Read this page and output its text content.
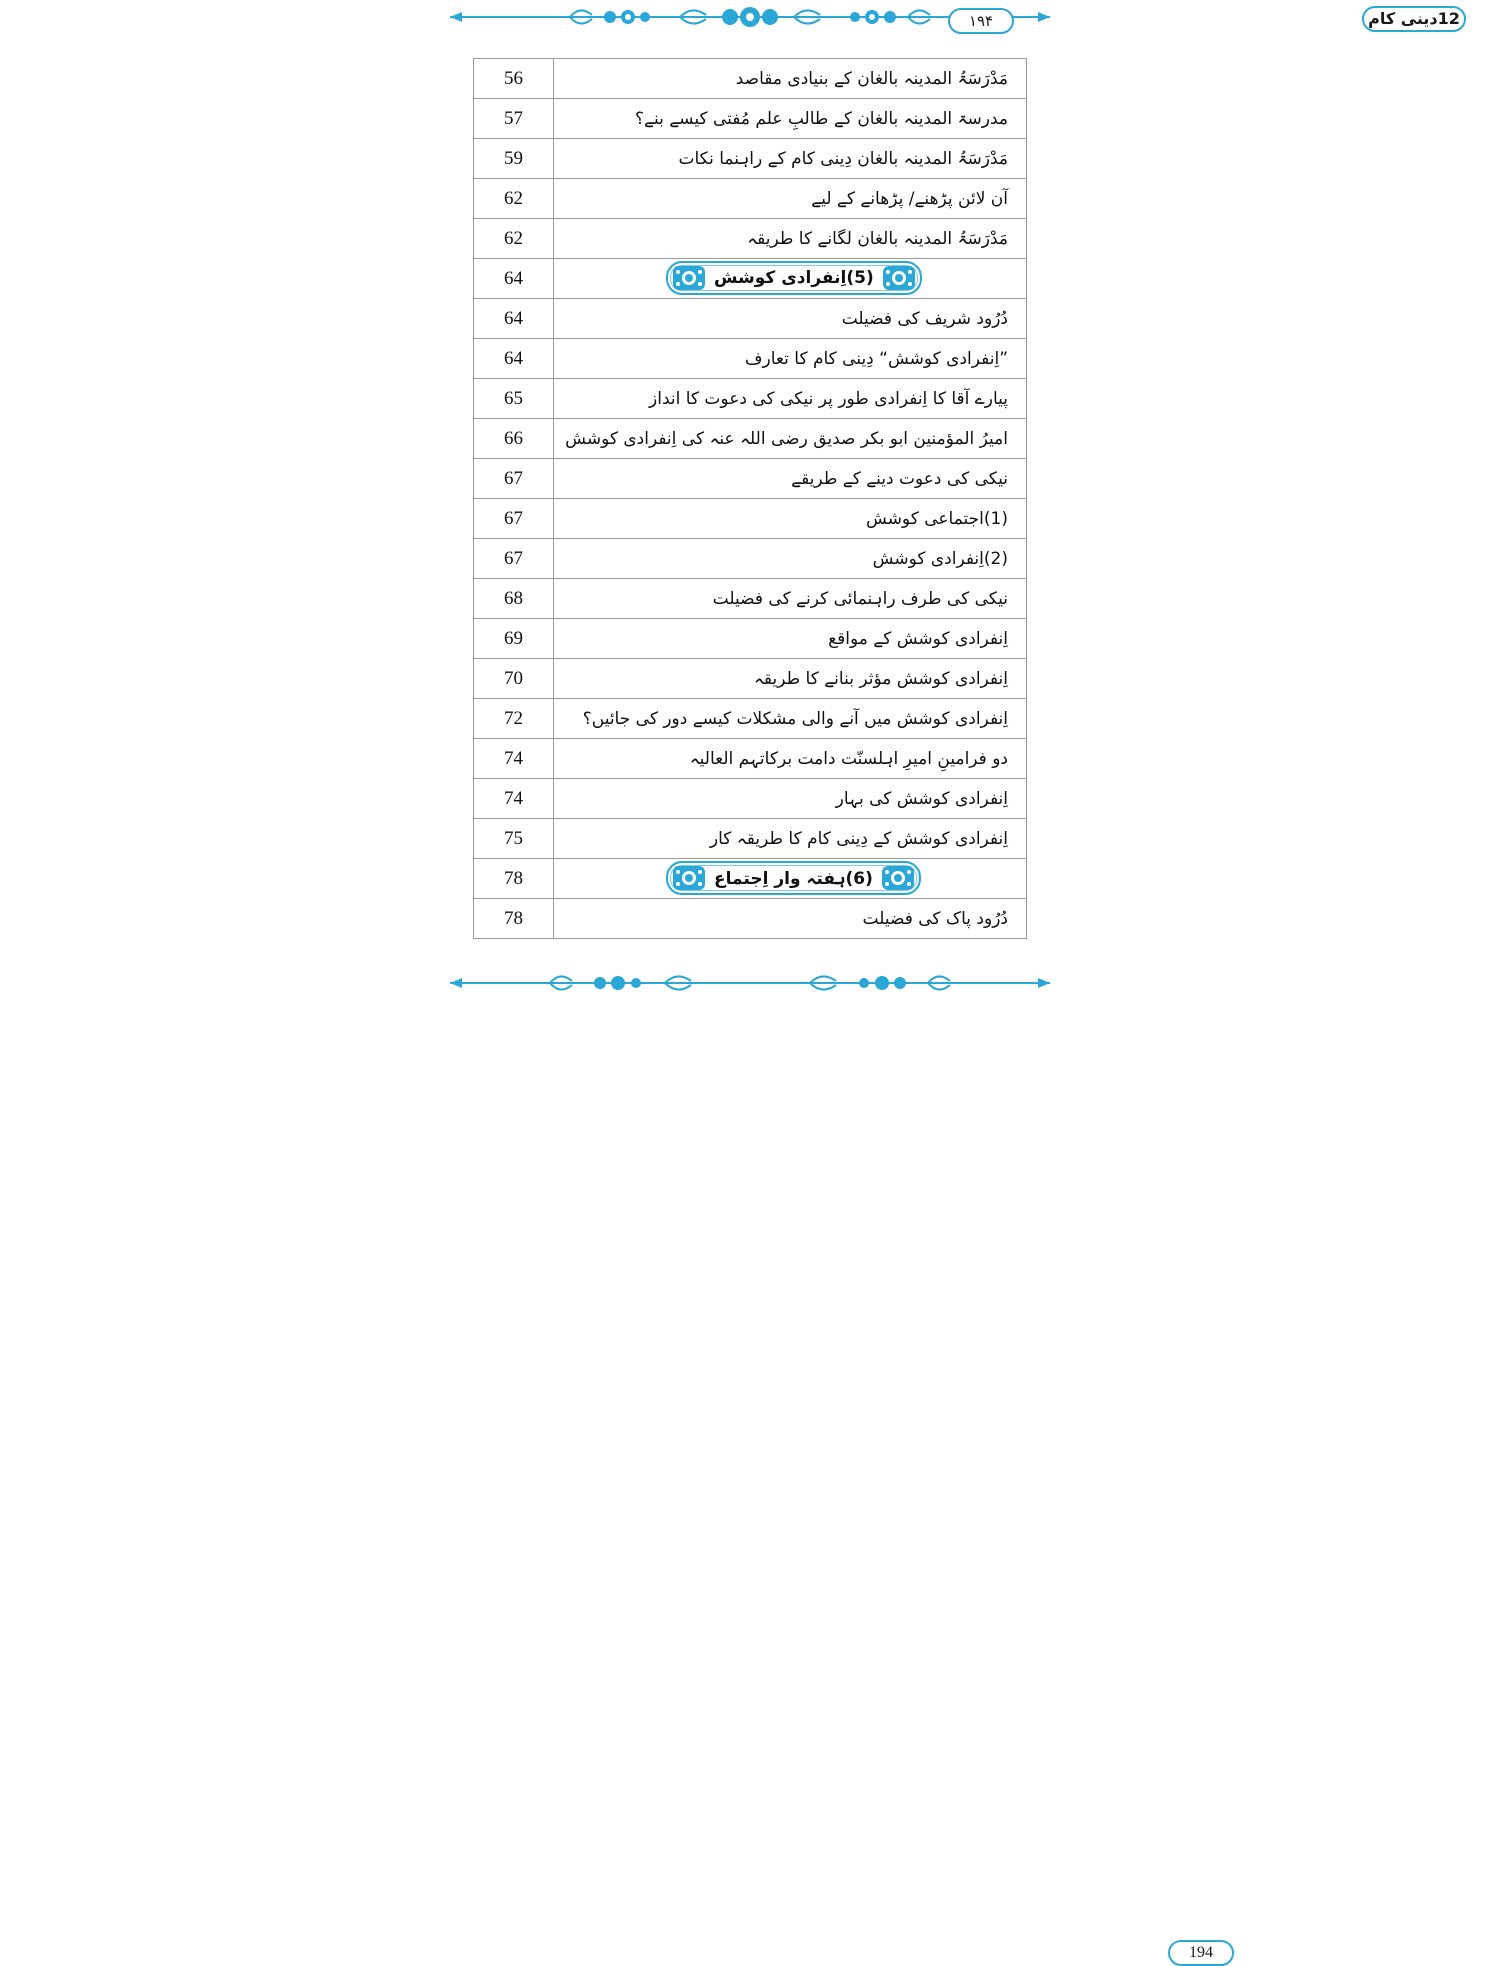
۱۹۴	12دینی کام
56	مَدْرَسَۃُ المدینہ بالغان کے بنیادی مقاصد
57	مدرسۃ المدینہ بالغان کے طالبِ علم مُفتی کیسے بنے؟
59	مَدْرَسَۃُ المدینہ بالغان دِینی کام کے راہنما نکات
62	آن لائن پڑھنے/ پڑھانے کے لیے
62	مَدْرَسَۃُ المدینہ بالغان لگانے کا طریقہ
64	(5)اِنفرادی کوشش

64	دُرُود شریف کی فضیلت
64	”اِنفرادی کوشش“ دِینی کام کا تعارف
65	پیارے آقا کا اِنفرادی طور پر نیکی کی دعوت کا انداز
66	امیرُ المؤمنین ابو بکر صدیق رضی اللہ عنہ کی اِنفرادی کوشش
67	نیکی کی دعوت دینے کے طریقے
67	(1)اجتماعی کوشش
67	(2)اِنفرادی کوشش
68	نیکی کی طرف راہنمائی کرنے کی فضیلت
69	اِنفرادی کوشش کے مواقع
70	اِنفرادی کوشش مؤثر بنانے کا طریقہ
72	اِنفرادی کوشش میں آنے والی مشکلات کیسے دور کی جائیں؟
74	دو فرامینِ امیرِ اہلسنّت دامت برکاتہم العالیہ
74	اِنفرادی کوشش کی بہار
75	اِنفرادی کوشش کے دِینی کام کا طریقہ کار
78	(6)ہفتہ وار اِجتماع

78	دُرُود پاک کی فضیلت
194
